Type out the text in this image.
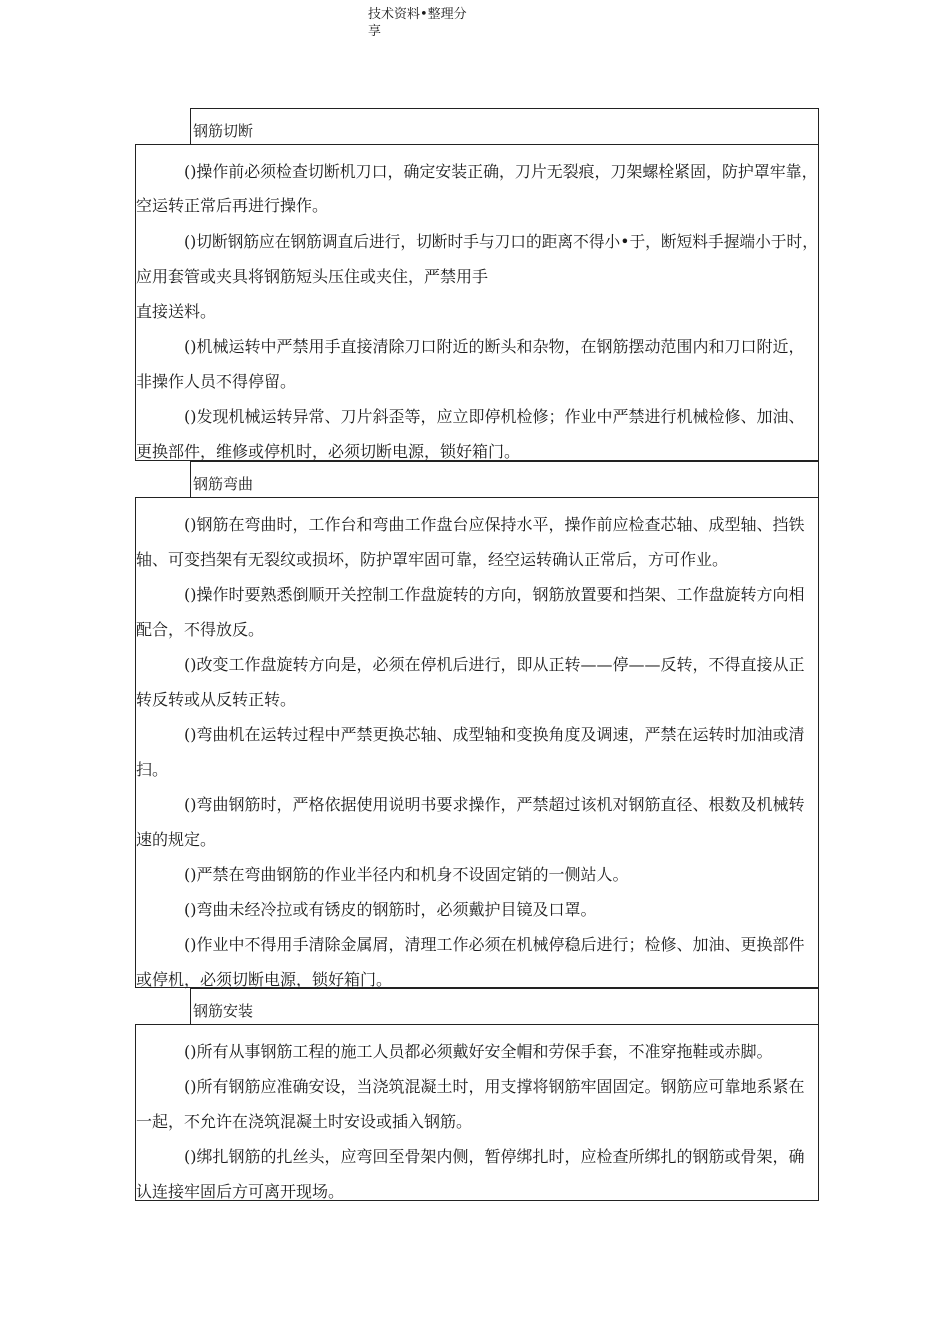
技术资料•整理分
享
钢筋切断
()操作前必须检查切断机刀口，确定安装正确，刀片无裂痕，刀架螺栓紧固，防护罩牢靠，
空运转正常后再进行操作。
()切断钢筋应在钢筋调直后进行，切断时手与刀口的距离不得小•于，断短料手握端小于时，
应用套管或夹具将钢筋短头压住或夹住，严禁用手
直接送料。
()机械运转中严禁用手直接清除刀口附近的断头和杂物，在钢筋摆动范围内和刀口附近，
非操作人员不得停留。
()发现机械运转异常、刀片斜歪等，应立即停机检修；作业中严禁进行机械检修、加油、
更换部件，维修或停机时，必须切断电源，锁好箱门。
钢筋弯曲
()钢筋在弯曲时，工作台和弯曲工作盘台应保持水平，操作前应检查芯轴、成型轴、挡铁
轴、可变挡架有无裂纹或损坏，防护罩牢固可靠，经空运转确认正常后，方可作业。
()操作时要熟悉倒顺开关控制工作盘旋转的方向，钢筋放置要和挡架、工作盘旋转方向相
配合，不得放反。
()改变工作盘旋转方向是，必须在停机后进行，即从正转——停——反转，不得直接从正
转反转或从反转正转。
()弯曲机在运转过程中严禁更换芯轴、成型轴和变换角度及调速，严禁在运转时加油或清
扫。
()弯曲钢筋时，严格依据使用说明书要求操作，严禁超过该机对钢筋直径、根数及机械转
速的规定。
()严禁在弯曲钢筋的作业半径内和机身不设固定销的一侧站人。
()弯曲未经冷拉或有锈皮的钢筋时，必须戴护目镜及口罩。
()作业中不得用手清除金属屑，清理工作必须在机械停稳后进行；检修、加油、更换部件
或停机，必须切断电源，锁好箱门。
钢筋安装
()所有从事钢筋工程的施工人员都必须戴好安全帽和劳保手套，不准穿拖鞋或赤脚。
()所有钢筋应准确安设，当浇筑混凝土时，用支撑将钢筋牢固固定。钢筋应可靠地系紧在
一起，不允许在浇筑混凝土时安设或插入钢筋。
()绑扎钢筋的扎丝头，应弯回至骨架内侧，暂停绑扎时，应检查所绑扎的钢筋或骨架，确
认连接牢固后方可离开现场。
